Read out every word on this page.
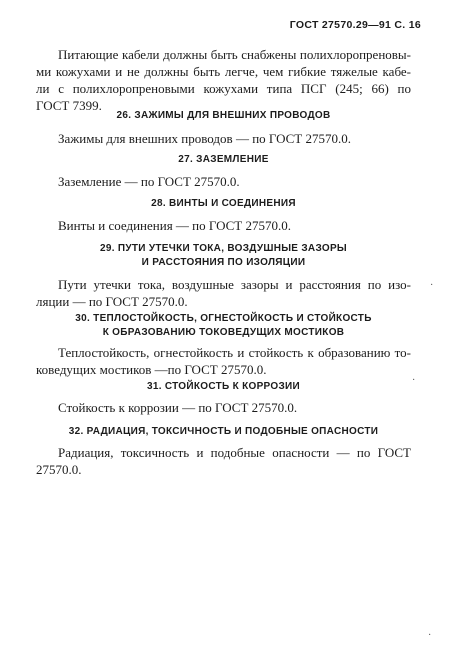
ГОСТ 27570.29—91 С. 16
Питающие кабели должны быть снабжены полихлоропреновы-
ми кожухами и не должны быть легче, чем гибкие тяжелые кабе-
ли с полихлоропреновыми кожухами типа ПСГ (245; 66) по
ГОСТ 7399.
26. ЗАЖИМЫ ДЛЯ ВНЕШНИХ ПРОВОДОВ
Зажимы для внешних проводов — по ГОСТ 27570.0.
27. ЗАЗЕМЛЕНИЕ
Заземление — по ГОСТ 27570.0.
28. ВИНТЫ И СОЕДИНЕНИЯ
Винты и соединения — по ГОСТ 27570.0.
29. ПУТИ УТЕЧКИ ТОКА, ВОЗДУШНЫЕ ЗАЗОРЫ
И РАССТОЯНИЯ ПО ИЗОЛЯЦИИ
Пути утечки тока, воздушные зазоры и расстояния по изо-
ляции — по ГОСТ 27570.0.
30. ТЕПЛОСТОЙКОСТЬ, ОГНЕСТОЙКОСТЬ И СТОЙКОСТЬ
К ОБРАЗОВАНИЮ ТОКОВЕДУЩИХ МОСТИКОВ
Теплостойкость, огнестойкость и стойкость к образованию то-
коведущих мостиков —по ГОСТ 27570.0.
31. СТОЙКОСТЬ К КОРРОЗИИ
Стойкость к коррозии — по ГОСТ 27570.0.
32. РАДИАЦИЯ, ТОКСИЧНОСТЬ И ПОДОБНЫЕ ОПАСНОСТИ
Радиация, токсичность и подобные опасности — по ГОСТ
27570.0.
·
·
·
